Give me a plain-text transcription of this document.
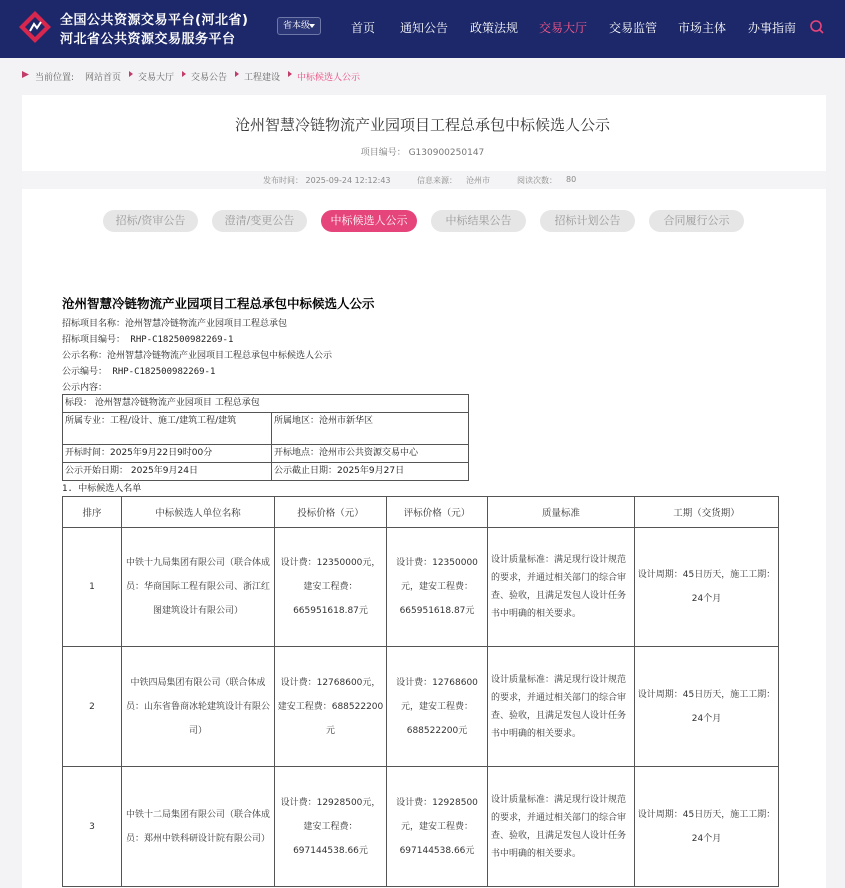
全国公共资源交易平台(河北省)
河北省公共资源交易服务平台
省本级	首页 通知公告 政策法规 交易大厅 交易监管 市场主体 办事指南
当前位置: 网站首页 交易大厅 交易公告 工程建设 中标候选人公示
沧州智慧冷链物流产业园项目工程总承包中标候选人公示
项目编号： G130900250147
发布时间： 2025-09-24 12:12:43	信息来源： 沧州市	阅读次数： 80
招标/资审公告	澄清/变更公告	中标候选人公示	中标结果公告	招标计划公告	合同履行公示
沧州智慧冷链物流产业园项目工程总承包中标候选人公示
招标项目名称：沧州智慧冷链物流产业园项目工程总承包
招标项目编号： RHP-C182500982269-1
公示名称：沧州智慧冷链物流产业园项目工程总承包中标候选人公示
公示编号： RHP-C182500982269-1
公示内容：
标段： 沧州智慧冷链物流产业园项目 工程总承包	
所属专业：工程/设计、施工/建筑工程/建筑	所属地区：沧州市新华区
开标时间：2025年9月22日9时00分	开标地点：沧州市公共资源交易中心
公示开始日期： 2025年9月24日	公示截止日期：2025年9月27日
1. 中标候选人名单
排序	中标候选人单位名称	投标价格（元）	评标价格（元）	质量标准	工期（交货期）
1	中铁十九局集团有限公司（联合体成员：华商国际工程有限公司、浙江红图建筑设计有限公司）	设计费：12350000元，建安工程费：665951618.87元	设计费：12350000元，建安工程费：665951618.87元	设计质量标准：满足现行设计规范的要求，并通过相关部门的综合审查、验收，且满足发包人设计任务书中明确的相关要求。	设计周期：45日历天，施工工期：24个月
2	中铁四局集团有限公司（联合体成员：山东省鲁商冰轮建筑设计有限公司）	设计费：12768600元，建安工程费：688522200元	设计费：12768600元，建安工程费：688522200元	设计质量标准：满足现行设计规范的要求，并通过相关部门的综合审查、验收，且满足发包人设计任务书中明确的相关要求。	设计周期：45日历天，施工工期：24个月
3	中铁十二局集团有限公司（联合体成员：郑州中铁科研设计院有限公司）	设计费：12928500元，建安工程费：697144538.66元	设计费：12928500元，建安工程费：697144538.66元	设计质量标准：满足现行设计规范的要求，并通过相关部门的综合审查、验收，且满足发包人设计任务书中明确的相关要求。	设计周期：45日历天，施工工期：24个月
